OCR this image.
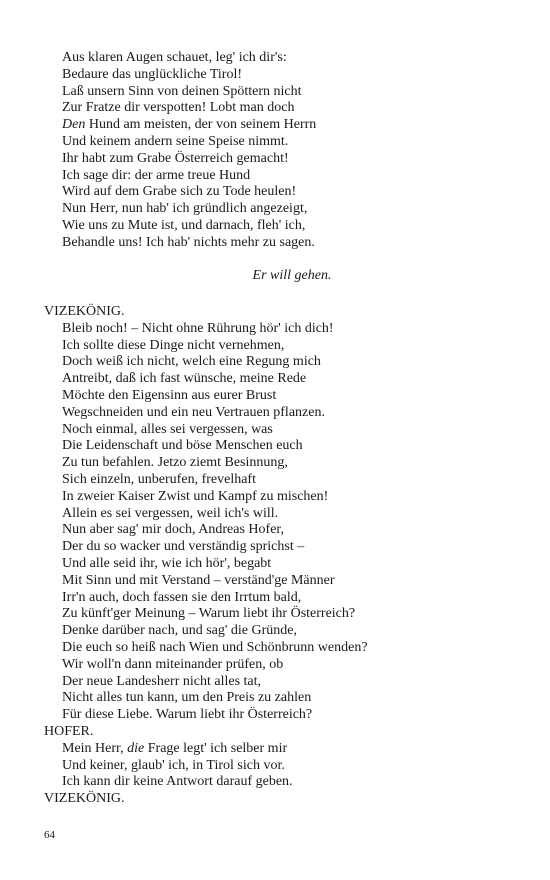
Aus klaren Augen schauet, leg' ich dir's:
Bedaure das unglückliche Tirol!
Laß unsern Sinn von deinen Spöttern nicht
Zur Fratze dir verspotten! Lobt man doch
Den Hund am meisten, der von seinem Herrn
Und keinem andern seine Speise nimmt.
Ihr habt zum Grabe Österreich gemacht!
Ich sage dir: der arme treue Hund
Wird auf dem Grabe sich zu Tode heulen!
Nun Herr, nun hab' ich gründlich angezeigt,
Wie uns zu Mute ist, und darnach, fleh' ich,
Behandle uns! Ich hab' nichts mehr zu sagen.
Er will gehen.
VIZEKÖNIG.
Bleib noch! – Nicht ohne Rührung hör' ich dich!
Ich sollte diese Dinge nicht vernehmen,
Doch weiß ich nicht, welch eine Regung mich
Antreibt, daß ich fast wünsche, meine Rede
Möchte den Eigensinn aus eurer Brust
Wegschneiden und ein neu Vertrauen pflanzen.
Noch einmal, alles sei vergessen, was
Die Leidenschaft und böse Menschen euch
Zu tun befahlen. Jetzo ziemt Besinnung,
Sich einzeln, unberufen, frevelhaft
In zweier Kaiser Zwist und Kampf zu mischen!
Allein es sei vergessen, weil ich's will.
Nun aber sag' mir doch, Andreas Hofer,
Der du so wacker und verständig sprichst –
Und alle seid ihr, wie ich hör', begabt
Mit Sinn und mit Verstand – verständ'ge Männer
Irr'n auch, doch fassen sie den Irrtum bald,
Zu künft'ger Meinung – Warum liebt ihr Österreich?
Denke darüber nach, und sag' die Gründe,
Die euch so heiß nach Wien und Schönbrunn wenden?
Wir woll'n dann miteinander prüfen, ob
Der neue Landesherr nicht alles tat,
Nicht alles tun kann, um den Preis zu zahlen
Für diese Liebe. Warum liebt ihr Österreich?
HOFER.
Mein Herr, die Frage legt' ich selber mir
Und keiner, glaub' ich, in Tirol sich vor.
Ich kann dir keine Antwort darauf geben.
VIZEKÖNIG.
64
